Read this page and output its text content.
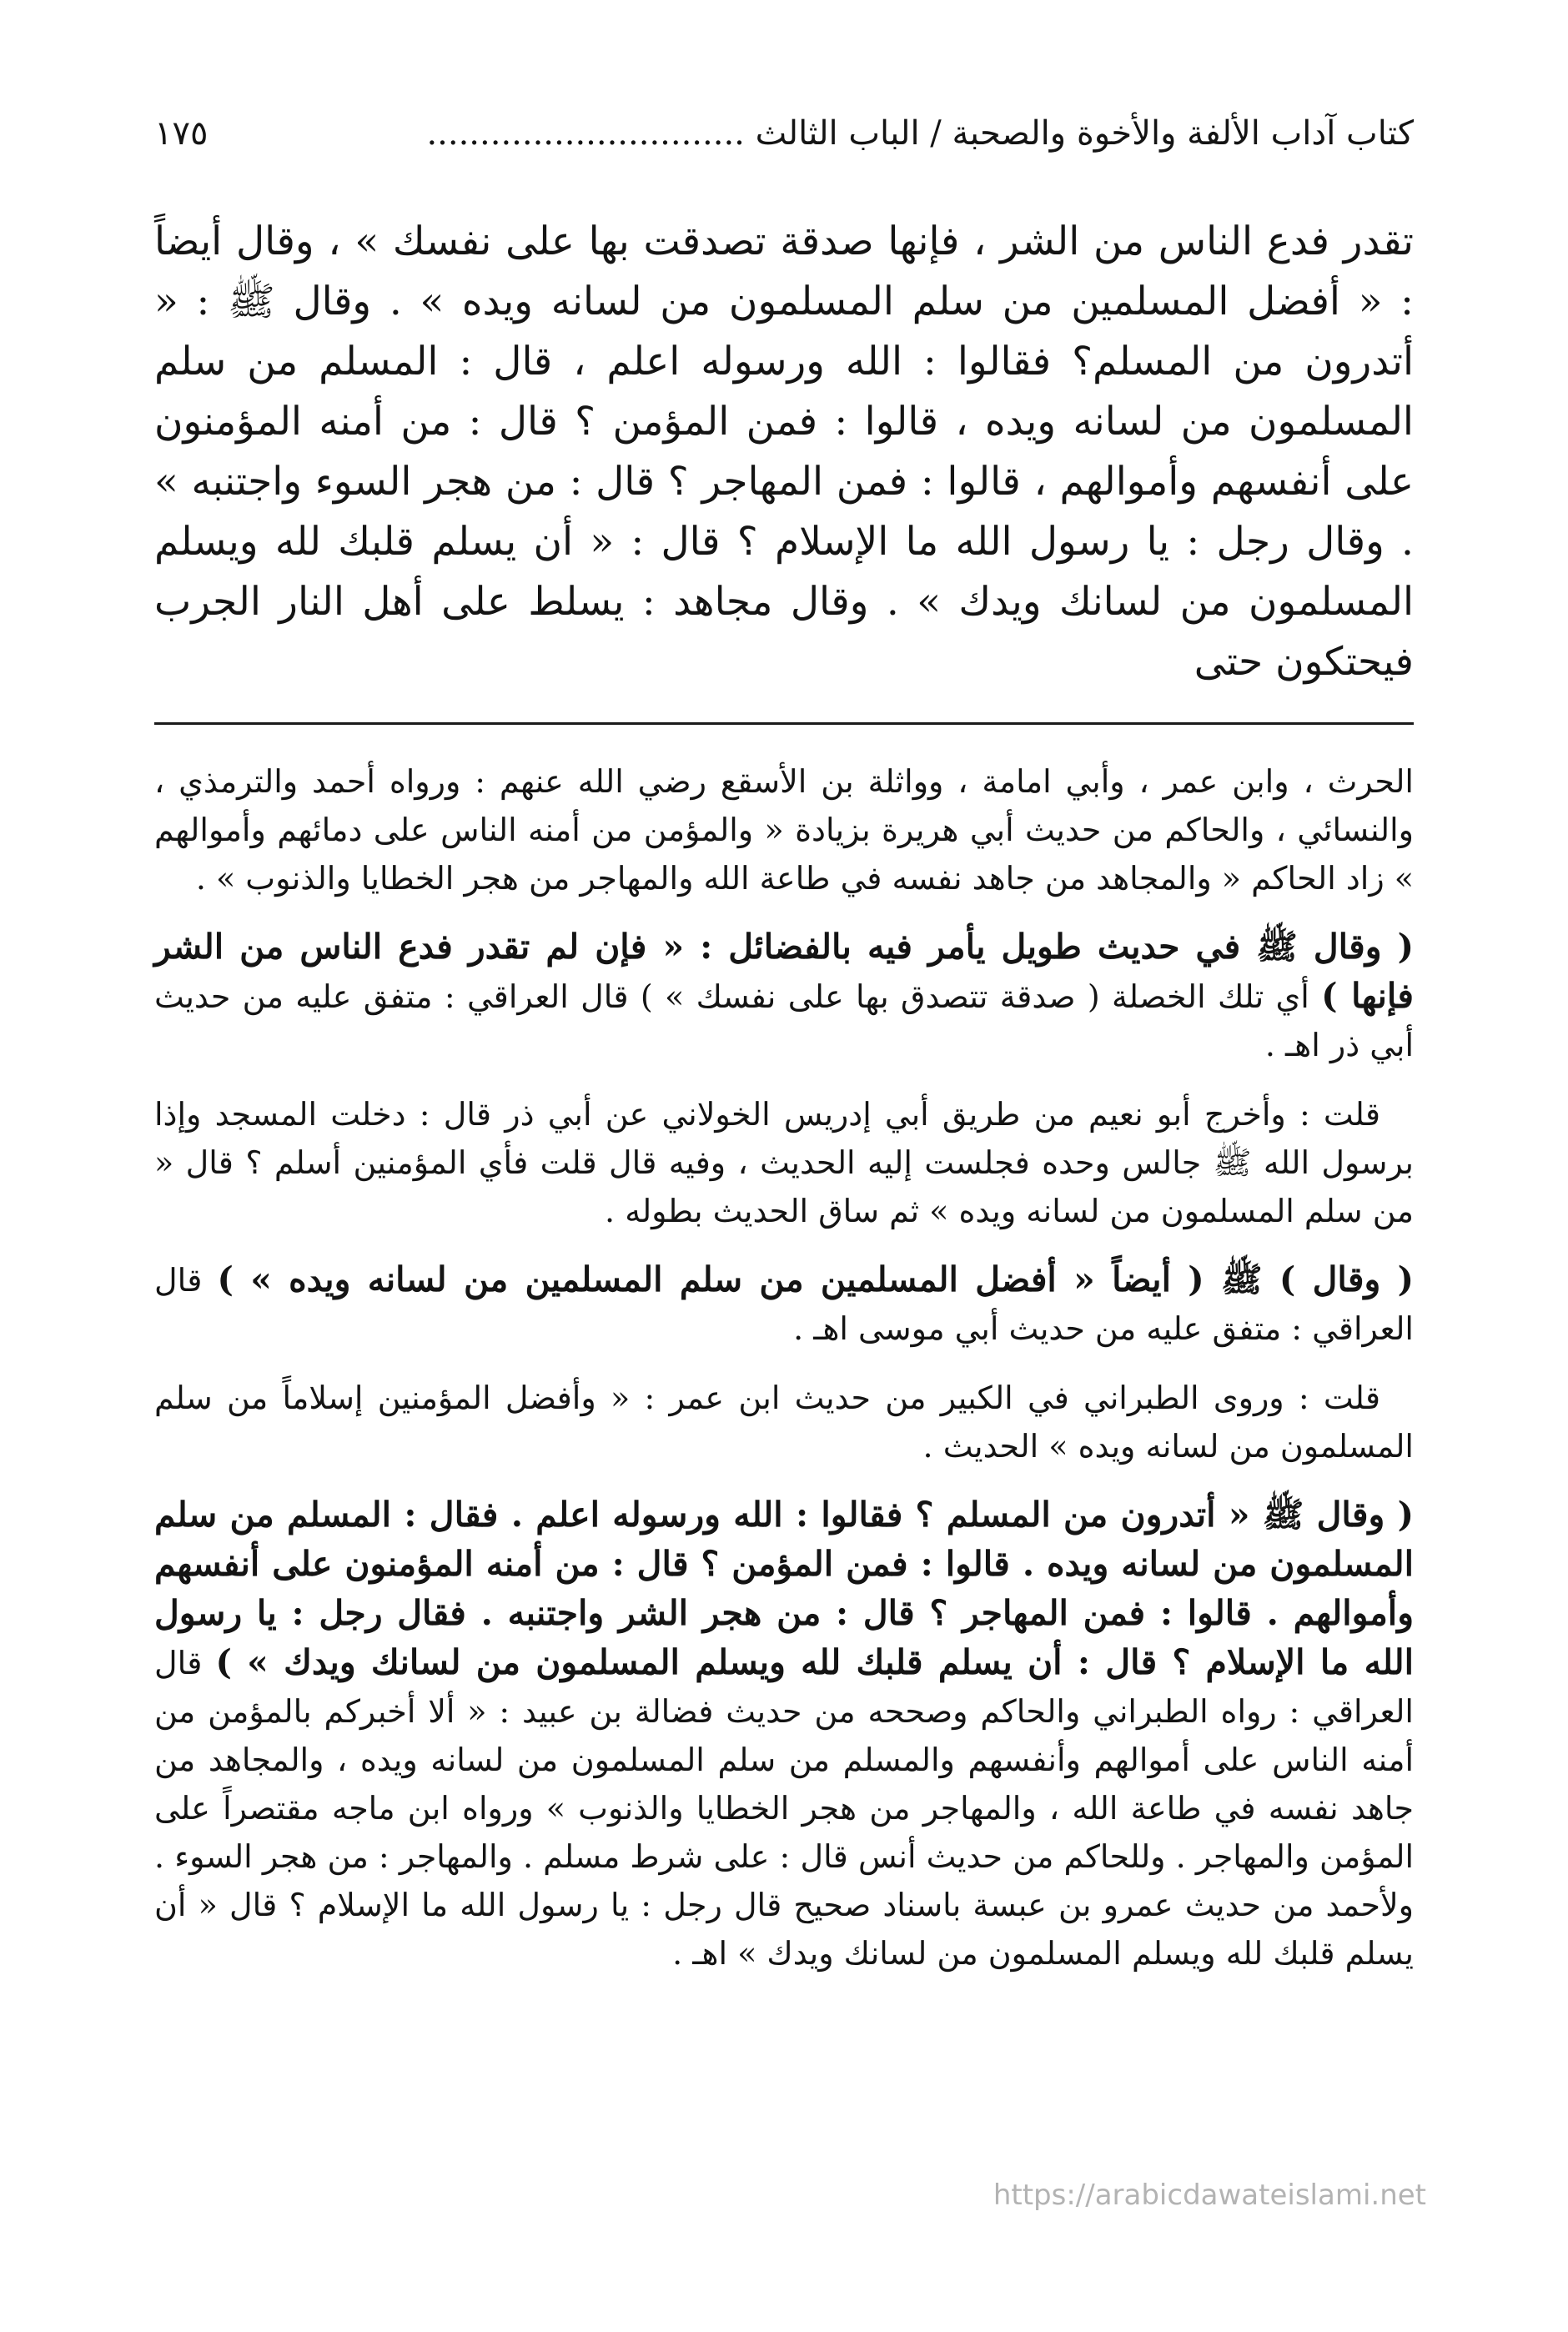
كتاب آداب الألفة والأخوة والصحبة / الباب الثالث ..............................
١٧٥

تقدر فدع الناس من الشر ، فإنها صدقة تصدقت بها على نفسك » ، وقال أيضاً : « أفضل المسلمين من سلم المسلمون من لسانه ويده » . وقال ﷺ : « أتدرون من المسلم؟ فقالوا : الله ورسوله اعلم ، قال : المسلم من سلم المسلمون من لسانه ويده ، قالوا : فمن المؤمن ؟ قال : من أمنه المؤمنون على أنفسهم وأموالهم ، قالوا : فمن المهاجر ؟ قال : من هجر السوء واجتنبه » . وقال رجل : يا رسول الله ما الإسلام ؟ قال : « أن يسلم قلبك لله ويسلم المسلمون من لسانك ويدك » . وقال مجاهد : يسلط على أهل النار الجرب فيحتكون حتى

الحرث ، وابن عمر ، وأبي امامة ، وواثلة بن الأسقع رضي الله عنهم : ورواه أحمد والترمذي ، والنسائي ، والحاكم من حديث أبي هريرة بزيادة « والمؤمن من أمنه الناس على دمائهم وأموالهم » زاد الحاكم « والمجاهد من جاهد نفسه في طاعة الله والمهاجر من هجر الخطايا والذنوب » .

( وقال ﷺ في حديث طويل يأمر فيه بالفضائل : « فإن لم تقدر فدع الناس من الشر فإنها ) أي تلك الخصلة ( صدقة تتصدق بها على نفسك » ) قال العراقي : متفق عليه من حديث أبي ذر اهـ .

قلت : وأخرج أبو نعيم من طريق أبي إدريس الخولاني عن أبي ذر قال : دخلت المسجد وإذا برسول الله ﷺ جالس وحده فجلست إليه الحديث ، وفيه قال قلت فأي المؤمنين أسلم ؟ قال « من سلم المسلمون من لسانه ويده » ثم ساق الحديث بطوله .

( وقال ) ﷺ ( أيضاً « أفضل المسلمين من سلم المسلمين من لسانه ويده » ) قال العراقي : متفق عليه من حديث أبي موسى اهـ .

قلت : وروى الطبراني في الكبير من حديث ابن عمر : « وأفضل المؤمنين إسلاماً من سلم المسلمون من لسانه ويده » الحديث .

( وقال ﷺ « أتدرون من المسلم ؟ فقالوا : الله ورسوله اعلم . فقال : المسلم من سلم المسلمون من لسانه ويده . قالوا : فمن المؤمن ؟ قال : من أمنه المؤمنون على أنفسهم وأموالهم . قالوا : فمن المهاجر ؟ قال : من هجر الشر واجتنبه . فقال رجل : يا رسول الله ما الإسلام ؟ قال : أن يسلم قلبك لله ويسلم المسلمون من لسانك ويدك » ) قال العراقي : رواه الطبراني والحاكم وصححه من حديث فضالة بن عبيد : « ألا أخبركم بالمؤمن من أمنه الناس على أموالهم وأنفسهم والمسلم من سلم المسلمون من لسانه ويده ، والمجاهد من جاهد نفسه في طاعة الله ، والمهاجر من هجر الخطايا والذنوب » ورواه ابن ماجه مقتصراً على المؤمن والمهاجر . وللحاكم من حديث أنس قال : على شرط مسلم . والمهاجر : من هجر السوء . ولأحمد من حديث عمرو بن عبسة باسناد صحيح قال رجل : يا رسول الله ما الإسلام ؟ قال « أن يسلم قلبك لله ويسلم المسلمون من لسانك ويدك » اهـ .

https://arabicdawateislami.net
